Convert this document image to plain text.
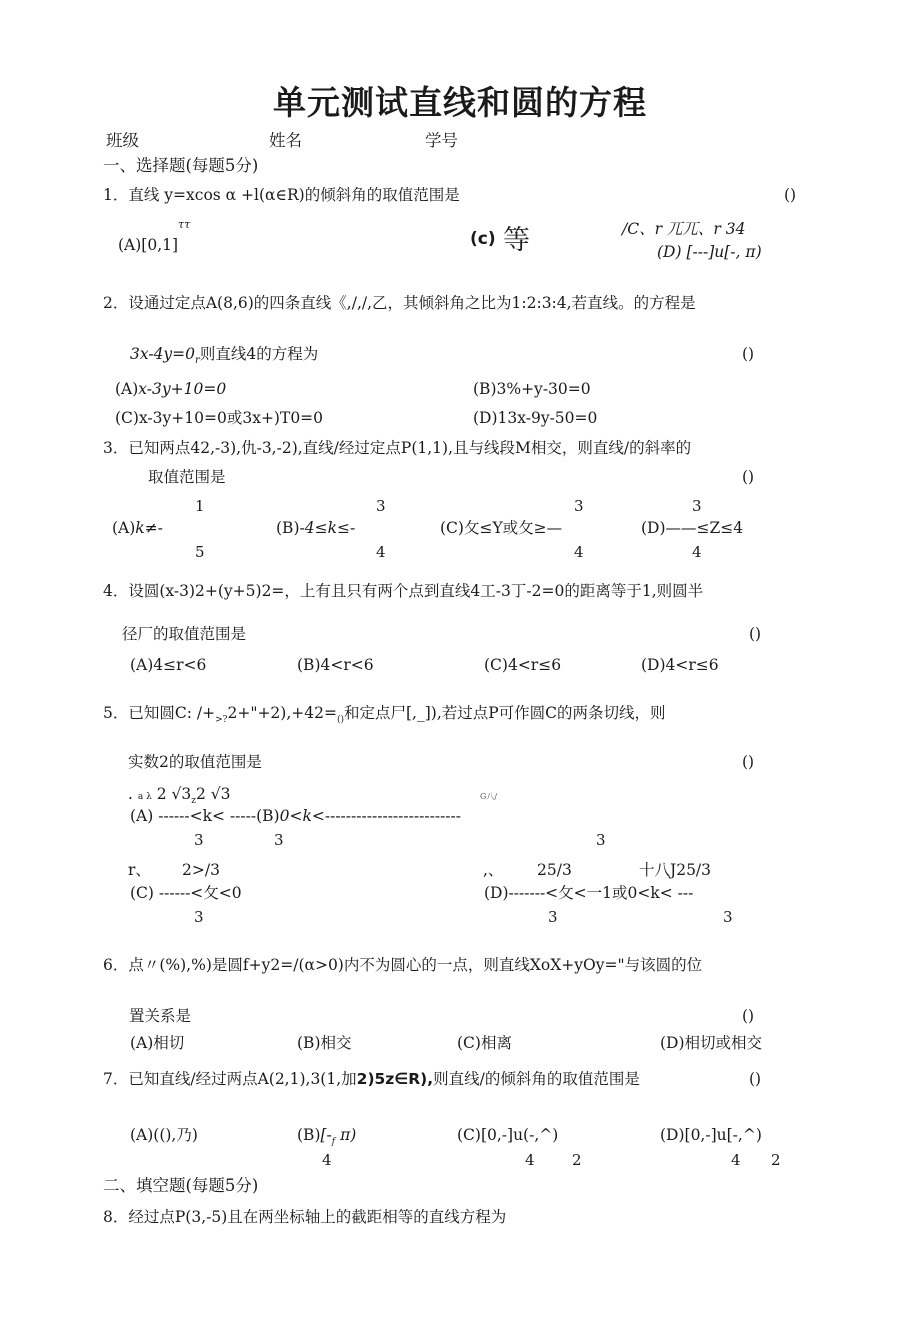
单元测试直线和圆的方程
班级	姓名	学号
一、选择题(每题5分)
1．直线 y=xcos α +l(α∈R)的倾斜角的取值范围是	()
ττ
(A)[0,1]	(c) 等	/C、r 兀兀、r 34
(D) [---]u[-, π)
2．设通过定点A(8,6)的四条直线《,/,/,乙，其倾斜角之比为1:2:3:4,若直线。的方程是
$3x-4y=0_r$则直线4的方程为	()
(A)x-3y+10=0	(B)3%+y-30=0
(C)x-3y+10=0或3x+)T0=0	(D)13x-9y-50=0
3．已知两点42,-3),仇-3,-2),直线/经过定点P(1,1),且与线段M相交，则直线/的斜率的
取值范围是	()
1
(A)k≠-
5
3
(B)-4≤k≤-
4
3
(C)攵≤Y或攵≥—
4
3
(D)——≤Z≤4
4
4．设圆(x-3)2+(y+5)2=，上有且只有两个点到直线4工-3丁-2=0的距离等于1,则圆半
径厂的取值范围是	()
(A)4≤r<6	(B)4<r<6	(C)4<r≤6	(D)4<r≤6
5．已知圆C: $/+_{>?}2+"+2),+42=_{()}$和定点尸[,_]),若过点P可作圆C的两条切线，则
实数2的取值范围是	()
. a λ 2 $√3_z2$ √3	G八/
(A) ------<k< -----(B)0<k<--------------------------
3	3	3
r、 2>/3	,、 25/3	十八J25/3
(C) ------<攵<0	(D)-------<攵<一1或0<k< ---
3	3	3
6．点〃(%),%)是圆f+y2=/(α>0)内不为圆心的一点，则直线XoX+yOy="与该圆的位
置关系是	()
(A)相切	(B)相交	(C)相离	(D)相切或相交
7．已知直线/经过两点A(2,1),3(1,加2)5z∈R),则直线/的倾斜角的取值范围是	()
(A)((),乃)	$(B)[-_f$ π)	(C)[0,-]u(-,^)	(D)[0,-]u[-,^)
4	4 2	4 2
二、填空题(每题5分)
8．经过点P(3,-5)且在两坐标轴上的截距相等的直线方程为
